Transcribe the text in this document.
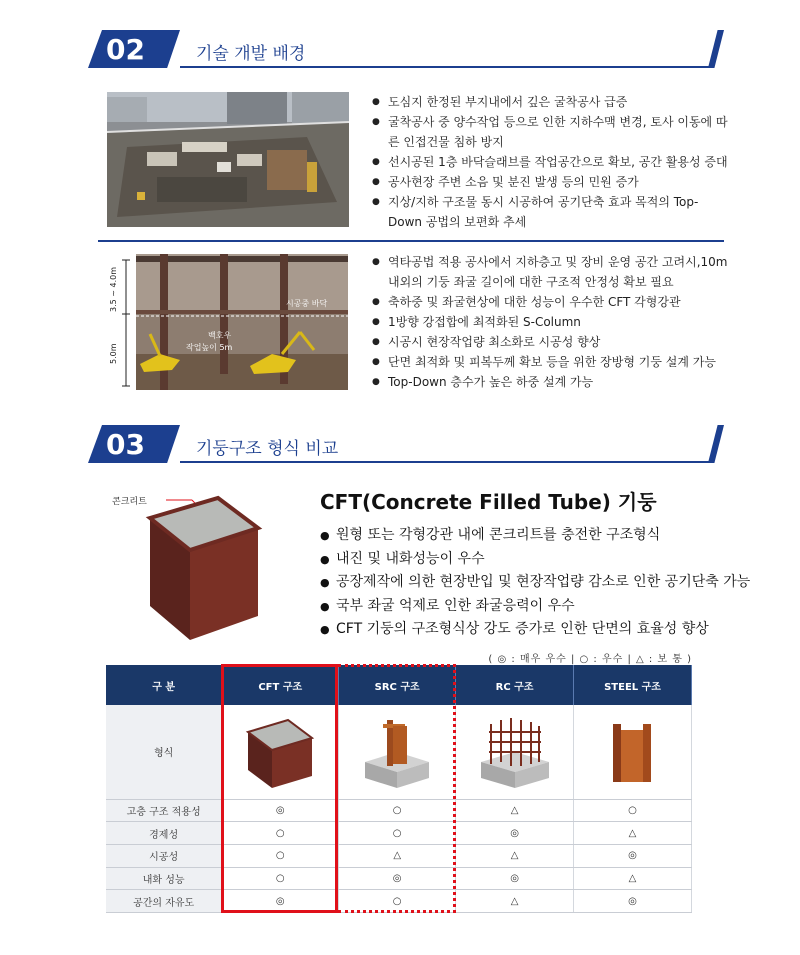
02	기술 개발 배경
● 도심지 한정된 부지내에서 깊은 굴착공사 급증
● 굴착공사 중 양수작업 등으로 인한 지하수맥 변경, 토사 이동에 따른 인접건물 침하 방지
● 선시공된 1층 바닥슬래브를 작업공간으로 확보, 공간 활용성 증대
● 공사현장 주변 소음 및 분진 발생 등의 민원 증가
● 지상/지하 구조물 동시 시공하여 공기단축 효과 목적의 Top-Down 공법의 보편화 추세
3.5 ~ 4.0m
5.0m
시공중 바닥
백호우
작업높이 5m
● 역타공법 적용 공사에서 지하층고 및 장비 운영 공간 고려시,10m 내외의 기둥 좌굴 길이에 대한 구조적 안정성 확보 필요
● 축하중 및 좌굴현상에 대한 성능이 우수한 CFT 각형강관
● 1방향 강접합에 최적화된 S-Column
● 시공시 현장작업량 최소화로 시공성 향상
● 단면 최적화 및 피복두께 확보 등을 위한 장방형 기둥 설계 가능
● Top-Down 층수가 높은 하중 설계 가능
03	기둥구조 형식 비교
콘크리트	CFT(Concrete Filled Tube) 기둥
● 원형 또는 각형강관 내에 콘크리트를 충전한 구조형식
● 내진 및 내화성능이 우수
● 공장제작에 의한 현장반입 및 현장작업량 감소로 인한 공기단축 가능
● 국부 좌굴 억제로 인한 좌굴응력이 우수
● CFT 기둥의 구조형식상 강도 증가로 인한 단면의 효율성 향상
( ◎ : 매우 우수 | ○ : 우수 | △ : 보 통 )
구 분	CFT 구조	SRC 구조	RC 구조	STEEL 구조
형식				
고층 구조 적용성	◎	○	△	○
경제성	○	○	◎	△
시공성	○	△	△	◎
내화 성능	○	◎	◎	△
공간의 자유도	◎	○	△	◎
